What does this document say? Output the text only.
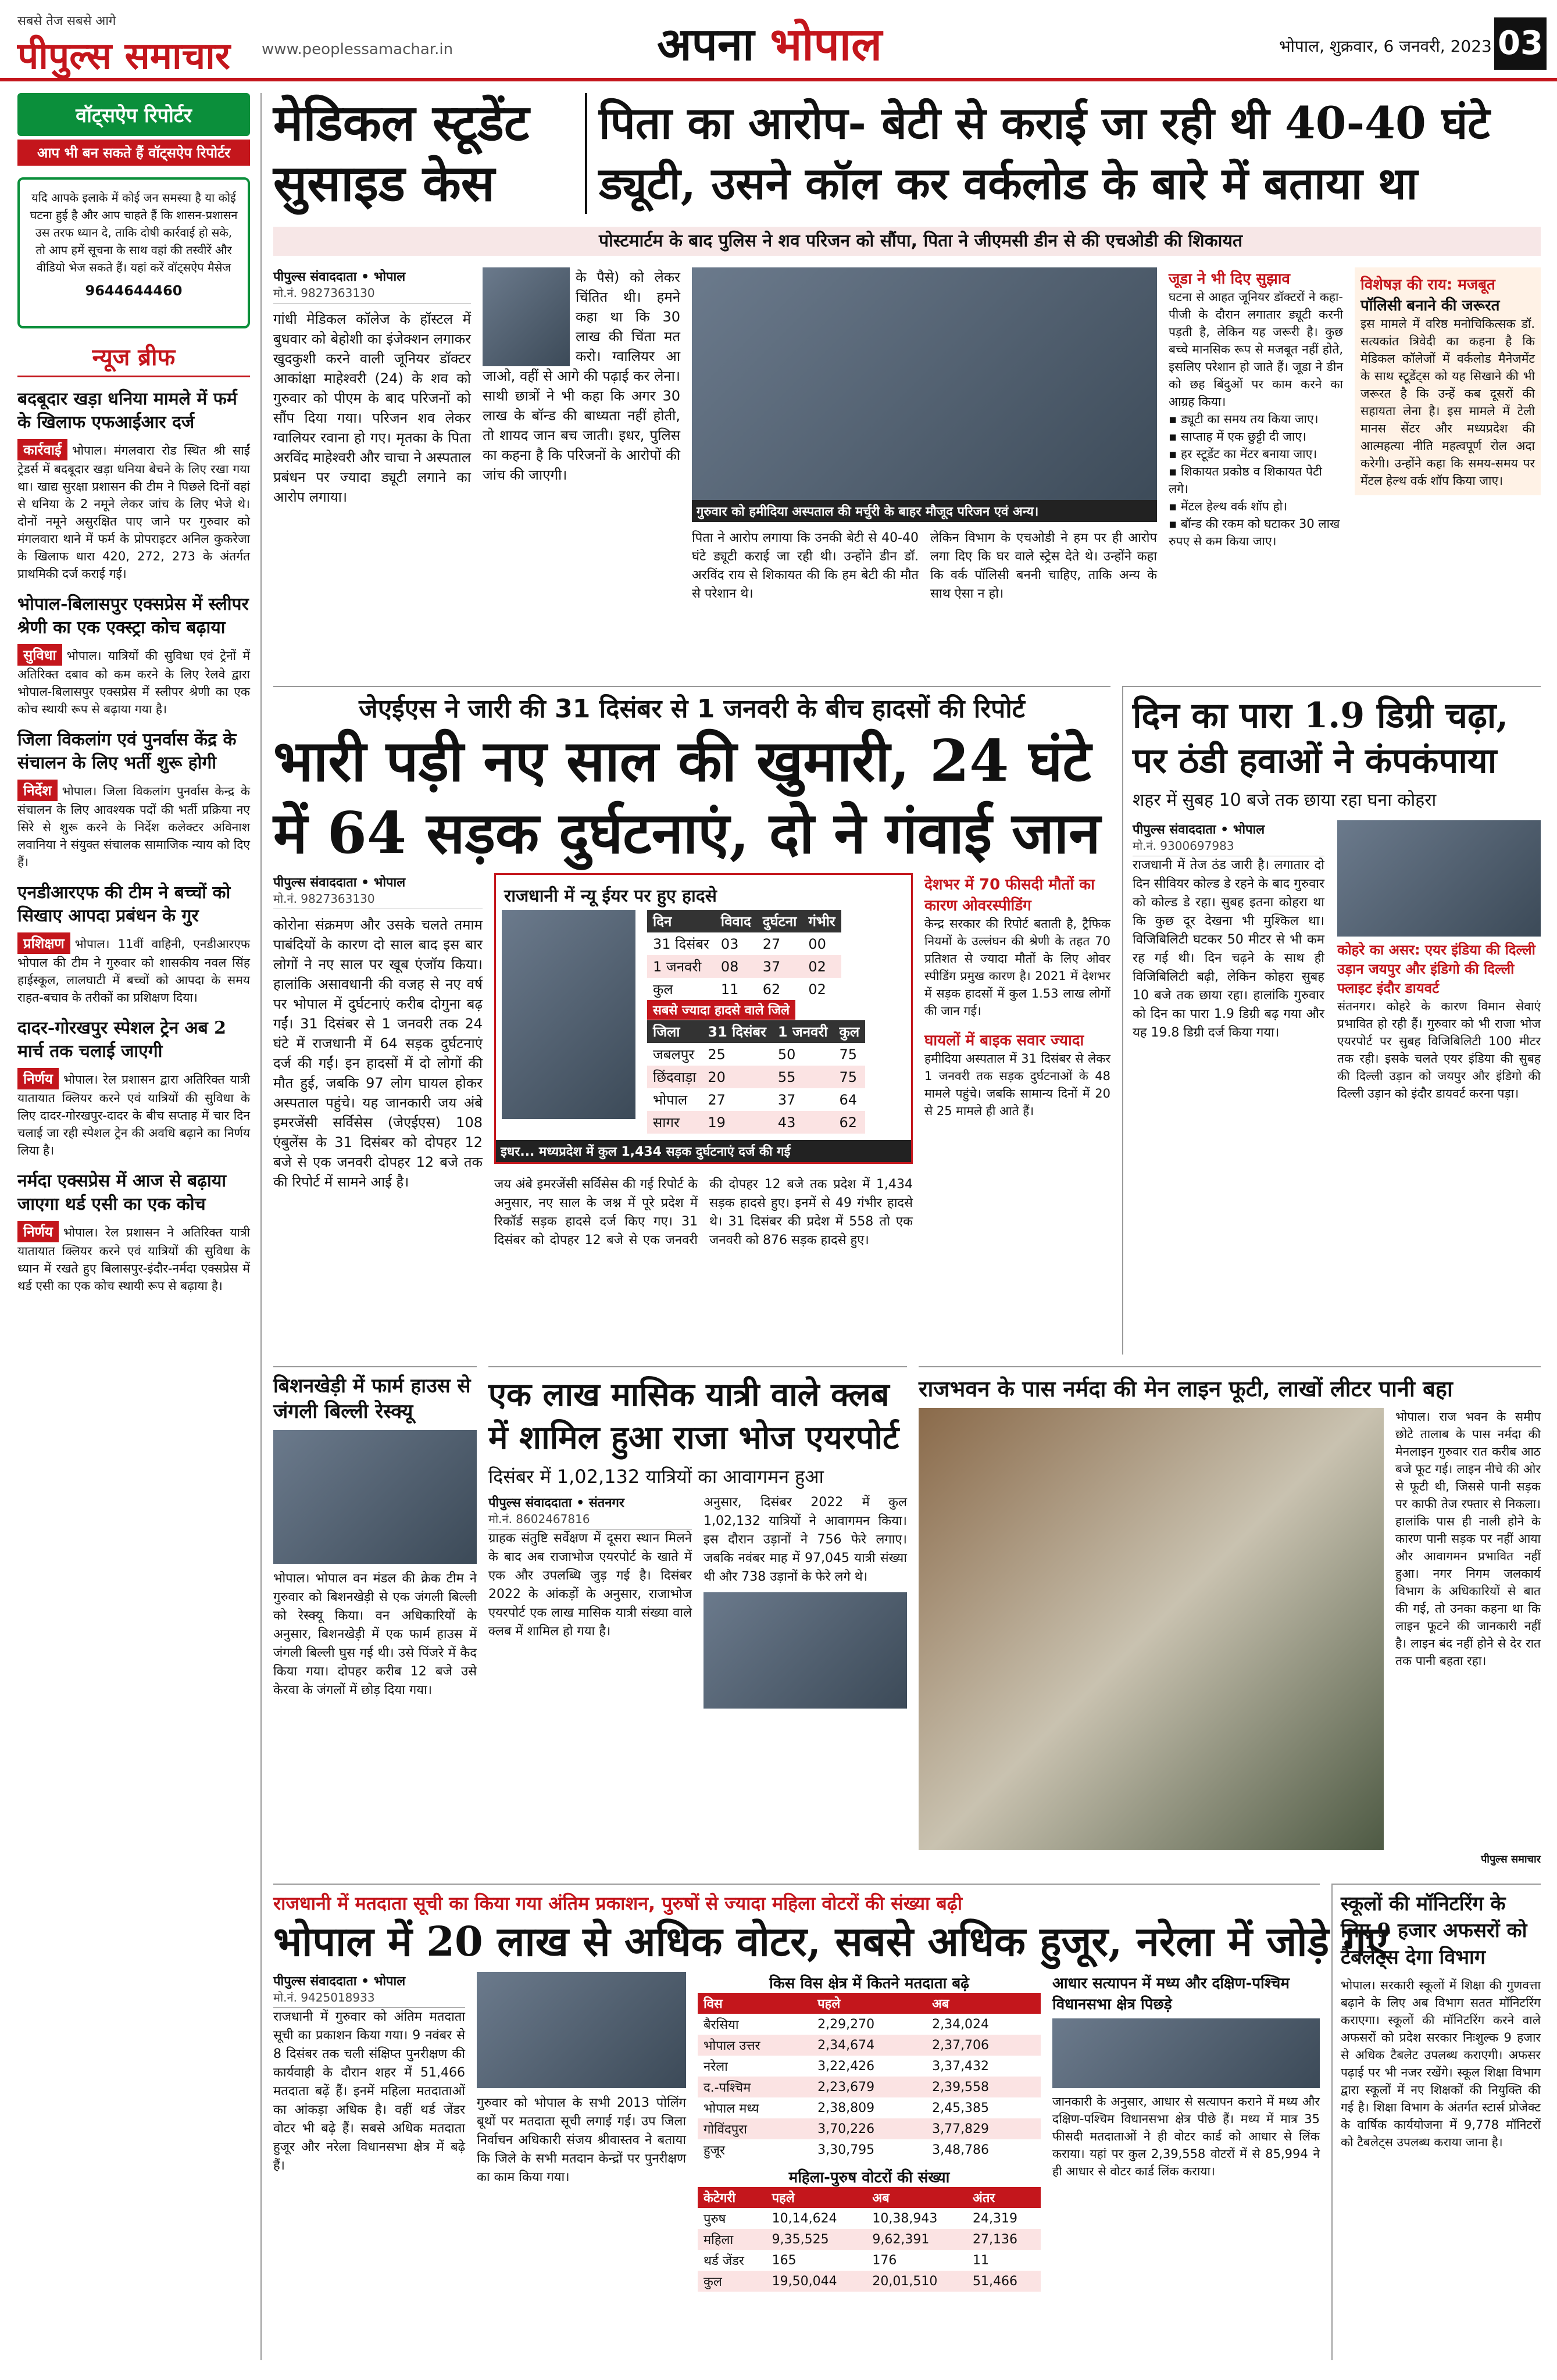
सबसे तेज सबसे आगे
पीपुल्स समाचार www.peoplessamachar.in	अपना भोपाल	भोपाल, शुक्रवार, 6 जनवरी, 2023 03
वॉट्सऐप रिपोर्टर
आप भी बन सकते हैं वॉट्सऐप रिपोर्टर
यदि आपके इलाके में कोई जन समस्या है या कोई घटना हुई है और आप चाहते हैं कि शासन-प्रशासन उस तरफ ध्यान दे, ताकि दोषी कार्रवाई हो सके, तो आप हमें सूचना के साथ वहां की तस्वीरें और वीडियो भेज सकते हैं। यहां करें वॉट्सऐप मैसेज
9644644460
न्यूज ब्रीफ
बदबूदार खड़ा धनिया मामले में फर्म के खिलाफ एफआईआर दर्ज
कार्रवाई भोपाल। मंगलवारा रोड स्थित श्री साईं ट्रेडर्स में बदबूदार खड़ा धनिया बेचने के लिए रखा गया था। खाद्य सुरक्षा प्रशासन की टीम ने पिछले दिनों वहां से धनिया के 2 नमूने लेकर जांच के लिए भेजे थे। दोनों नमूने असुरक्षित पाए जाने पर गुरुवार को मंगलवारा थाने में फर्म के प्रोपराइटर अनिल कुकरेजा के खिलाफ धारा 420, 272, 273 के अंतर्गत प्राथमिकी दर्ज कराई गई।
भोपाल-बिलासपुर एक्सप्रेस में स्लीपर श्रेणी का एक एक्स्ट्रा कोच बढ़ाया
सुविधा भोपाल। यात्रियों की सुविधा एवं ट्रेनों में अतिरिक्त दबाव को कम करने के लिए रेलवे द्वारा भोपाल-बिलासपुर एक्सप्रेस में स्लीपर श्रेणी का एक कोच स्थायी रूप से बढ़ाया गया है।
जिला विकलांग एवं पुनर्वास केंद्र के संचालन के लिए भर्ती शुरू होगी
निर्देश भोपाल। जिला विकलांग पुनर्वास केन्द्र के संचालन के लिए आवश्यक पदों की भर्ती प्रक्रिया नए सिरे से शुरू करने के निर्देश कलेक्टर अविनाश लवानिया ने संयुक्त संचालक सामाजिक न्याय को दिए हैं।
एनडीआरएफ की टीम ने बच्चों को सिखाए आपदा प्रबंधन के गुर
प्रशिक्षण भोपाल। 11वीं वाहिनी, एनडीआरएफ भोपाल की टीम ने गुरुवार को शासकीय नवल सिंह हाईस्कूल, लालघाटी में बच्चों को आपदा के समय राहत-बचाव के तरीकों का प्रशिक्षण दिया।
दादर-गोरखपुर स्पेशल ट्रेन अब 2 मार्च तक चलाई जाएगी
निर्णय भोपाल। रेल प्रशासन द्वारा अतिरिक्त यात्री यातायात क्लियर करने एवं यात्रियों की सुविधा के लिए दादर-गोरखपुर-दादर के बीच सप्ताह में चार दिन चलाई जा रही स्पेशल ट्रेन की अवधि बढ़ाने का निर्णय लिया है।
नर्मदा एक्सप्रेस में आज से बढ़ाया जाएगा थर्ड एसी का एक कोच
निर्णय भोपाल। रेल प्रशासन ने अतिरिक्त यात्री यातायात क्लियर करने एवं यात्रियों की सुविधा के ध्यान में रखते हुए बिलासपुर-इंदौर-नर्मदा एक्सप्रेस में थर्ड एसी का एक कोच स्थायी रूप से बढ़ाया है।
मेडिकल स्टूडेंट
सुसाइड केस
पिता का आरोप- बेटी से कराई जा रही थी 40-40 घंटे
ड्यूटी, उसने कॉल कर वर्कलोड के बारे में बताया था
पोस्टमार्टम के बाद पुलिस ने शव परिजन को सौंपा, पिता ने जीएमसी डीन से की एचओडी की शिकायत
पीपुल्स संवाददाता • भोपाल
मो.नं. 9827363130
गांधी मेडिकल कॉलेज के हॉस्टल में बुधवार को बेहोशी का इंजेक्शन लगाकर खुदकुशी करने वाली जूनियर डॉक्टर आकांक्षा माहेश्वरी (24) के शव को गुरुवार को पीएम के बाद परिजनों को सौंप दिया गया। परिजन शव लेकर ग्वालियर रवाना हो गए। मृतका के पिता अरविंद माहेश्वरी और चाचा ने अस्पताल प्रबंधन पर ज्यादा ड्यूटी लगाने का आरोप लगाया।
के पैसे) को लेकर चिंतित थी। हमने कहा था कि 30 लाख की चिंता मत करो। ग्वालियर आ जाओ, वहीं से आगे की पढ़ाई कर लेना। साथी छात्रों ने भी कहा कि अगर 30 लाख के बॉन्ड की बाध्यता नहीं होती, तो शायद जान बच जाती। इधर, पुलिस का कहना है कि परिजनों के आरोपों की जांच की जाएगी।
गुरुवार को हमीदिया अस्पताल की मर्चुरी के बाहर मौजूद परिजन एवं अन्य।
पिता ने आरोप लगाया कि उनकी बेटी से 40-40 घंटे ड्यूटी कराई जा रही थी। उन्होंने डीन डॉ. अरविंद राय से शिकायत की कि हम बेटी की मौत से परेशान थे।
लेकिन विभाग के एचओडी ने हम पर ही आरोप लगा दिए कि घर वाले स्ट्रेस देते थे। उन्होंने कहा कि वर्क पॉलिसी बननी चाहिए, ताकि अन्य के साथ ऐसा न हो।
जूडा ने भी दिए सुझाव
घटना से आहत जूनियर डॉक्टरों ने कहा- पीजी के दौरान लगातार ड्यूटी करनी पड़ती है, लेकिन यह जरूरी है। कुछ बच्चे मानसिक रूप से मजबूत नहीं होते, इसलिए परेशान हो जाते हैं। जूडा ने डीन को छह बिंदुओं पर काम करने का आग्रह किया।
▪ ड्यूटी का समय तय किया जाए।
▪ साप्ताह में एक छुट्टी दी जाए।
▪ हर स्टूडेंट का मेंटर बनाया जाए।
▪ शिकायत प्रकोष्ठ व शिकायत पेटी लगे।
▪ मेंटल हेल्थ वर्क शॉप हो।
▪ बॉन्ड की रकम को घटाकर 30 लाख रुपए से कम किया जाए।
विशेषज्ञ की राय: मजबूत
पॉलिसी बनाने की जरूरत
इस मामले में वरिष्ठ मनोचिकित्सक डॉ. सत्यकांत त्रिवेदी का कहना है कि मेडिकल कॉलेजों में वर्कलोड मैनेजमेंट के साथ स्टूडेंट्स को यह सिखाने की भी जरूरत है कि उन्हें कब दूसरों की सहायता लेना है। इस मामले में टेली मानस सेंटर और मध्यप्रदेश की आत्महत्या नीति महत्वपूर्ण रोल अदा करेगी। उन्होंने कहा कि समय-समय पर मेंटल हेल्थ वर्क शॉप किया जाए।
जेएईएस ने जारी की 31 दिसंबर से 1 जनवरी के बीच हादसों की रिपोर्ट
भारी पड़ी नए साल की खुमारी, 24 घंटे
में 64 सड़क दुर्घटनाएं, दो ने गंवाई जान
पीपुल्स संवाददाता • भोपाल
मो.नं. 9827363130
कोरोना संक्रमण और उसके चलते तमाम पाबंदियों के कारण दो साल बाद इस बार लोगों ने नए साल पर खूब एंजॉय किया। हालांकि असावधानी की वजह से नए वर्ष पर भोपाल में दुर्घटनाएं करीब दोगुना बढ़ गईं। 31 दिसंबर से 1 जनवरी तक 24 घंटे में राजधानी में 64 सड़क दुर्घटनाएं दर्ज की गईं। इन हादसों में दो लोगों की मौत हुई, जबकि 97 लोग घायल होकर अस्पताल पहुंचे। यह जानकारी जय अंबे इमरजेंसी सर्विसेस (जेएईएस) 108 एंबुलेंस के 31 दिसंबर को दोपहर 12 बजे से एक जनवरी दोपहर 12 बजे तक की रिपोर्ट में सामने आई है।
राजधानी में न्यू ईयर पर हुए हादसे
दिन	विवाद	दुर्घटना	गंभीर
31 दिसंबर	03	27	00
1 जनवरी	08	37	02
कुल	11	62	02
सबसे ज्यादा हादसे वाले जिले
जिला	31 दिसंबर	1 जनवरी	कुल
जबलपुर	25	50	75
छिंदवाड़ा	20	55	75
भोपाल	27	37	64
सागर	19	43	62
इधर... मध्यप्रदेश में कुल 1,434 सड़क दुर्घटनाएं दर्ज की गई
जय अंबे इमरजेंसी सर्विसेस की गई रिपोर्ट के अनुसार, नए साल के जश्न में पूरे प्रदेश में रिकॉर्ड सड़क हादसे दर्ज किए गए। 31 दिसंबर को दोपहर 12 बजे से एक जनवरी की दोपहर 12 बजे तक प्रदेश में 1,434 सड़क हादसे हुए। इनमें से 49 गंभीर हादसे थे। 31 दिसंबर की प्रदेश में 558 तो एक जनवरी को 876 सड़क हादसे हुए।
देशभर में 70 फीसदी मौतों का कारण ओवरस्पीडिंग
केन्द्र सरकार की रिपोर्ट बताती है, ट्रैफिक नियमों के उल्लंघन की श्रेणी के तहत 70 प्रतिशत से ज्यादा मौतों के लिए ओवर स्पीडिंग प्रमुख कारण है। 2021 में देशभर में सड़क हादसों में कुल 1.53 लाख लोगों की जान गई।
घायलों में बाइक सवार ज्यादा
हमीदिया अस्पताल में 31 दिसंबर से लेकर 1 जनवरी तक सड़क दुर्घटनाओं के 48 मामले पहुंचे। जबकि सामान्य दिनों में 20 से 25 मामले ही आते हैं।
दिन का पारा 1.9 डिग्री चढ़ा,
पर ठंडी हवाओं ने कंपकंपाया
शहर में सुबह 10 बजे तक छाया रहा घना कोहरा
पीपुल्स संवाददाता • भोपाल
मो.नं. 9300697983
राजधानी में तेज ठंड जारी है। लगातार दो दिन सीवियर कोल्ड डे रहने के बाद गुरुवार को कोल्ड डे रहा। सुबह इतना कोहरा था कि कुछ दूर देखना भी मुश्किल था। विजिबिलिटी घटकर 50 मीटर से भी कम रह गई थी। दिन चढ़ने के साथ ही विजिबिलिटी बढ़ी, लेकिन कोहरा सुबह 10 बजे तक छाया रहा। हालांकि गुरुवार को दिन का पारा 1.9 डिग्री बढ़ गया और यह 19.8 डिग्री दर्ज किया गया।
कोहरे का असर: एयर इंडिया की दिल्ली उड़ान जयपुर और इंडिगो की दिल्ली फ्लाइट इंदौर डायवर्ट
संतनगर। कोहरे के कारण विमान सेवाएं प्रभावित हो रही हैं। गुरुवार को भी राजा भोज एयरपोर्ट पर सुबह विजिबिलिटी 100 मीटर तक रही। इसके चलते एयर इंडिया की सुबह की दिल्ली उड़ान को जयपुर और इंडिगो की दिल्ली उड़ान को इंदौर डायवर्ट करना पड़ा।
बिशनखेड़ी में फार्म हाउस से जंगली बिल्ली रेस्क्यू
भोपाल। भोपाल वन मंडल की क्रेक टीम ने गुरुवार को बिशनखेड़ी से एक जंगली बिल्ली को रेस्क्यू किया। वन अधिकारियों के अनुसार, बिशनखेड़ी में एक फार्म हाउस में जंगली बिल्ली घुस गई थी। उसे पिंजरे में कैद किया गया। दोपहर करीब 12 बजे उसे केरवा के जंगलों में छोड़ दिया गया।
एक लाख मासिक यात्री वाले क्लब
में शामिल हुआ राजा भोज एयरपोर्ट
दिसंबर में 1,02,132 यात्रियों का आवागमन हुआ
पीपुल्स संवाददाता • संतनगर
मो.नं. 8602467816
ग्राहक संतुष्टि सर्वेक्षण में दूसरा स्थान मिलने के बाद अब राजाभोज एयरपोर्ट के खाते में एक और उपलब्धि जुड़ गई है। दिसंबर 2022 के आंकड़ों के अनुसार, राजाभोज एयरपोर्ट एक लाख मासिक यात्री संख्या वाले क्लब में शामिल हो गया है।
अनुसार, दिसंबर 2022 में कुल 1,02,132 यात्रियों ने आवागमन किया। इस दौरान उड़ानों ने 756 फेरे लगाए। जबकि नवंबर माह में 97,045 यात्री संख्या थी और 738 उड़ानों के फेरे लगे थे।
राजभवन के पास नर्मदा की मेन लाइन फूटी, लाखों लीटर पानी बहा
भोपाल। राज भवन के समीप छोटे तालाब के पास नर्मदा की मेनलाइन गुरुवार रात करीब आठ बजे फूट गई। लाइन नीचे की ओर से फूटी थी, जिससे पानी सड़क पर काफी तेज रफ्तार से निकला। हालांकि पास ही नाली होने के कारण पानी सड़क पर नहीं आया और आवागमन प्रभावित नहीं हुआ। नगर निगम जलकार्य विभाग के अधिकारियों से बात की गई, तो उनका कहना था कि लाइन फूटने की जानकारी नहीं है। लाइन बंद नहीं होने से देर रात तक पानी बहता रहा।
पीपुल्स समाचार
राजधानी में मतदाता सूची का किया गया अंतिम प्रकाशन, पुरुषों से ज्यादा महिला वोटरों की संख्या बढ़ी
भोपाल में 20 लाख से अधिक वोटर, सबसे अधिक हुजूर, नरेला में जोड़े गए
पीपुल्स संवाददाता • भोपाल
मो.नं. 9425018933
राजधानी में गुरुवार को अंतिम मतदाता सूची का प्रकाशन किया गया। 9 नवंबर से 8 दिसंबर तक चली संक्षिप्त पुनरीक्षण की कार्यवाही के दौरान शहर में 51,466 मतदाता बढ़ें हैं। इनमें महिला मतदाताओं का आंकड़ा अधिक है। वहीं थर्ड जेंडर वोटर भी बढ़े हैं। सबसे अधिक मतदाता हुजूर और नरेला विधानसभा क्षेत्र में बढ़े हैं।
गुरुवार को भोपाल के सभी 2013 पोलिंग बूथों पर मतदाता सूची लगाई गई। उप जिला निर्वाचन अधिकारी संजय श्रीवास्तव ने बताया कि जिले के सभी मतदान केन्द्रों पर पुनरीक्षण का काम किया गया।
किस विस क्षेत्र में कितने मतदाता बढ़े
विस	पहले	अब
बैरसिया	2,29,270	2,34,024
भोपाल उत्तर	2,34,674	2,37,706
नरेला	3,22,426	3,37,432
द.-पश्चिम	2,23,679	2,39,558
भोपाल मध्य	2,38,809	2,45,385
गोविंदपुरा	3,70,226	3,77,829
हुजूर	3,30,795	3,48,786
महिला-पुरुष वोटरों की संख्या
केटेगरी	पहले	अब	अंतर
पुरुष	10,14,624	10,38,943	24,319
महिला	9,35,525	9,62,391	27,136
थर्ड जेंडर	165	176	11
कुल	19,50,044	20,01,510	51,466
आधार सत्यापन में मध्य और दक्षिण-पश्चिम विधानसभा क्षेत्र पिछड़े
जानकारी के अनुसार, आधार से सत्यापन कराने में मध्य और दक्षिण-पश्चिम विधानसभा क्षेत्र पीछे हैं। मध्य में मात्र 35 फीसदी मतदाताओं ने ही वोटर कार्ड को आधार से लिंक कराया। यहां पर कुल 2,39,558 वोटरों में से 85,994 ने ही आधार से वोटर कार्ड लिंक कराया।
स्कूलों की मॉनिटरिंग के लिए 9 हजार अफसरों को टैबलेट्स देगा विभाग
भोपाल। सरकारी स्कूलों में शिक्षा की गुणवत्ता बढ़ाने के लिए अब विभाग सतत मॉनिटरिंग कराएगा। स्कूलों की मॉनिटरिंग करने वाले अफसरों को प्रदेश सरकार निःशुल्क 9 हजार से अधिक टैबलेट उपलब्ध कराएगी। अफसर पढ़ाई पर भी नजर रखेंगे। स्कूल शिक्षा विभाग द्वारा स्कूलों में नए शिक्षकों की नियुक्ति की गई है। शिक्षा विभाग के अंतर्गत स्टार्स प्रोजेक्ट के वार्षिक कार्ययोजना में 9,778 मॉनिटरों को टैबलेट्स उपलब्ध कराया जाना है।
